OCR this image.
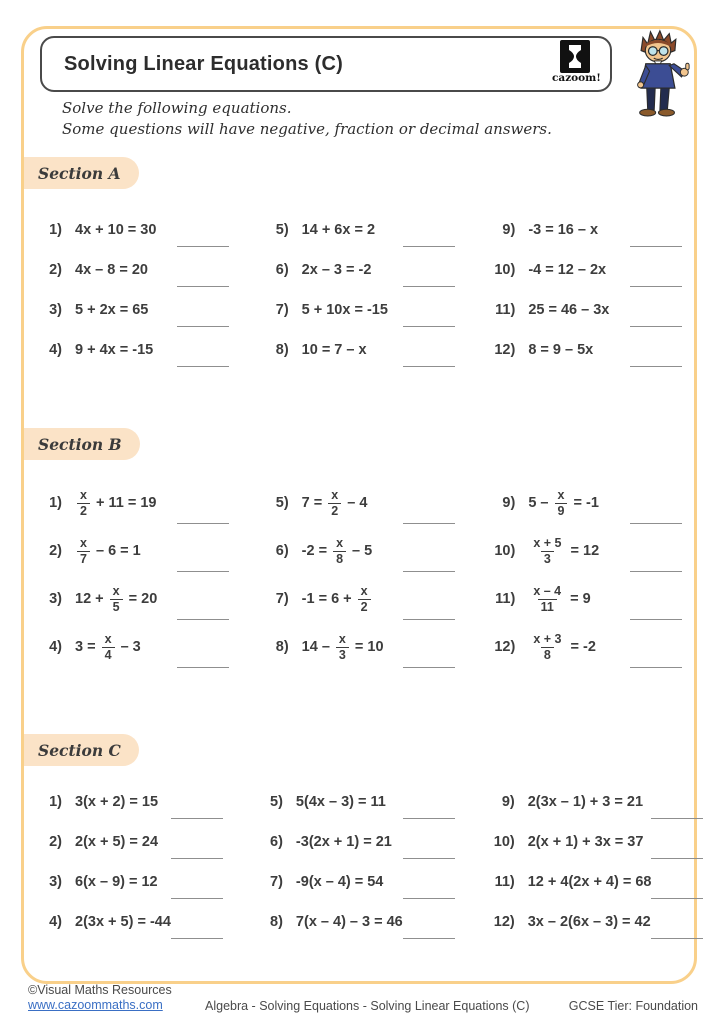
Solving Linear Equations (C)
cazoom!
Solve the following equations.
Some questions will have negative, fraction or decimal answers.
Section A
1) 4x + 10 = 30
2) 4x – 8 = 20
3) 5 + 2x = 65
4) 9 + 4x = -15
5) 14 + 6x = 2
6) 2x – 3 = -2
7) 5 + 10x = -15
8) 10 = 7 – x
9) -3 = 16 – x
10) -4 = 12 – 2x
11) 25 = 46 – 3x
12) 8 = 9 – 5x
Section B
$1) \frac{x}{2} + 11 = 19$
$2) \frac{x}{7} - 6 = 1$
3) $12 + \frac{x}{5} = 20$
4) $3 = \frac{x}{4} - 3$
5) $7 = \frac{x}{2} - 4$
6) $-2 = \frac{x}{8} - 5$
7) $-1 = 6 + \frac{x}{2}$
8) $14 - \frac{x}{3} = 10$
9) $5 - \frac{x}{9} = -1$
$10) \frac{x + 5}{3} = 12$
$11) \frac{x - 4}{11} = 9$
$12) \frac{x + 3}{8} = -2$
Section C
1) 3(x + 2) = 15
2) 2(x + 5) = 24
3) 6(x – 9) = 12
4) 2(3x + 5) = -44
5) 5(4x – 3) = 11
6) -3(2x + 1) = 21
7) -9(x – 4) = 54
8) 7(x – 4) – 3 = 46
9) 2(3x – 1) + 3 = 21
10) 2(x + 1) + 3x = 37
11) 12 + 4(2x + 4) = 68
12) 3x – 2(6x – 3) = 42
©Visual Maths Resources
www.cazoommaths.com	Algebra - Solving Equations - Solving Linear Equations (C)	GCSE Tier: Foundation
